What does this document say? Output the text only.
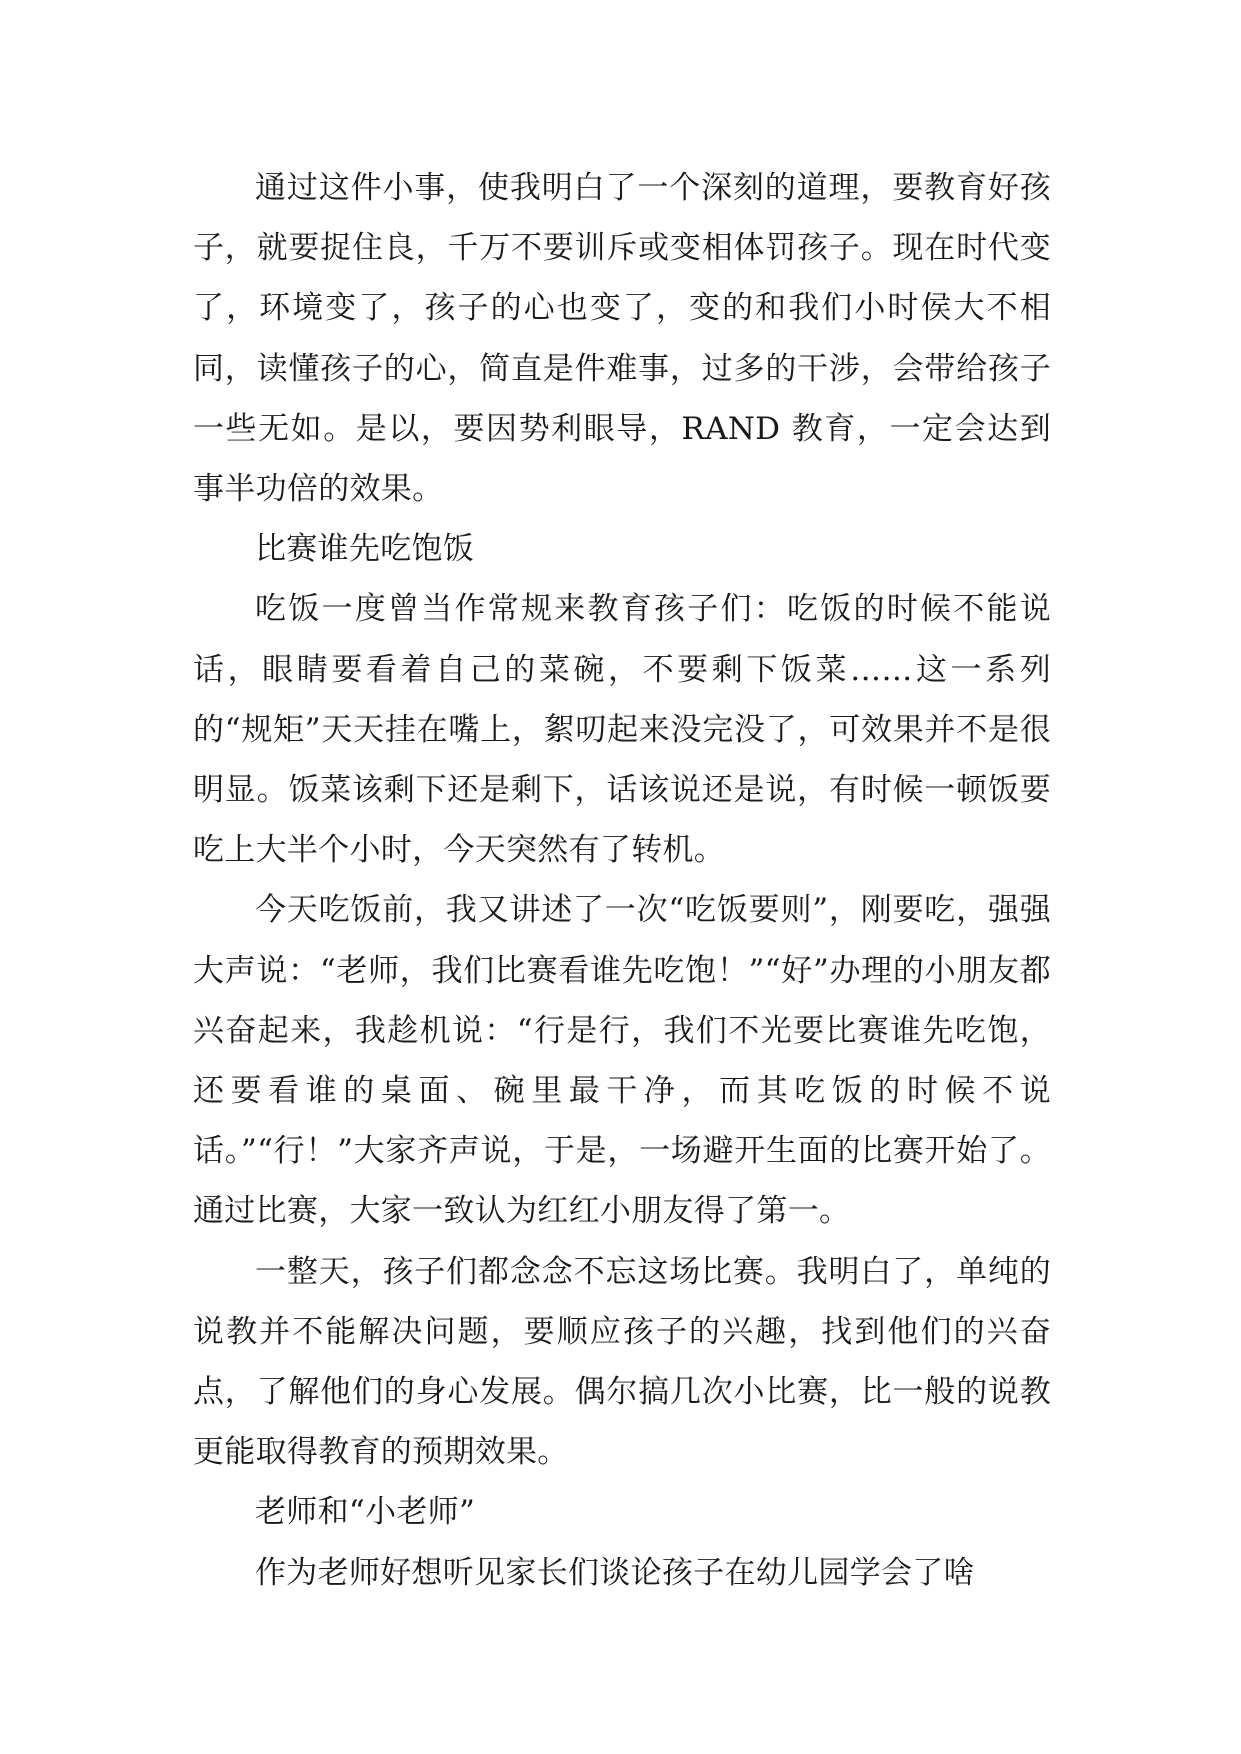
通过这件小事，使我明白了一个深刻的道理，要教育好孩子，就要捉住良，千万不要训斥或变相体罚孩子。现在时代变了，环境变了，孩子的心也变了，变的和我们小时侯大不相同，读懂孩子的心，简直是件难事，过多的干涉，会带给孩子一些无如。是以，要因势利眼导，RAND 教育，一定会达到事半功倍的效果。

比赛谁先吃饱饭

吃饭一度曾当作常规来教育孩子们：吃饭的时候不能说话，眼睛要看着自己的菜碗，不要剩下饭菜……这一系列的“规矩”天天挂在嘴上，絮叨起来没完没了，可效果并不是很明显。饭菜该剩下还是剩下，话该说还是说，有时候一顿饭要吃上大半个小时，今天突然有了转机。

今天吃饭前，我又讲述了一次“吃饭要则”，刚要吃，强强大声说：“老师，我们比赛看谁先吃饱！”“好”办理的小朋友都兴奋起来，我趁机说：“行是行，我们不光要比赛谁先吃饱，还要看谁的桌面、碗里最干净，而其吃饭的时候不说话。”“行！”大家齐声说，于是，一场避开生面的比赛开始了。通过比赛，大家一致认为红红小朋友得了第一。

一整天，孩子们都念念不忘这场比赛。我明白了，单纯的说教并不能解决问题，要顺应孩子的兴趣，找到他们的兴奋点，了解他们的身心发展。偶尔搞几次小比赛，比一般的说教更能取得教育的预期效果。

老师和“小老师”

作为老师好想听见家长们谈论孩子在幼儿园学会了啥
